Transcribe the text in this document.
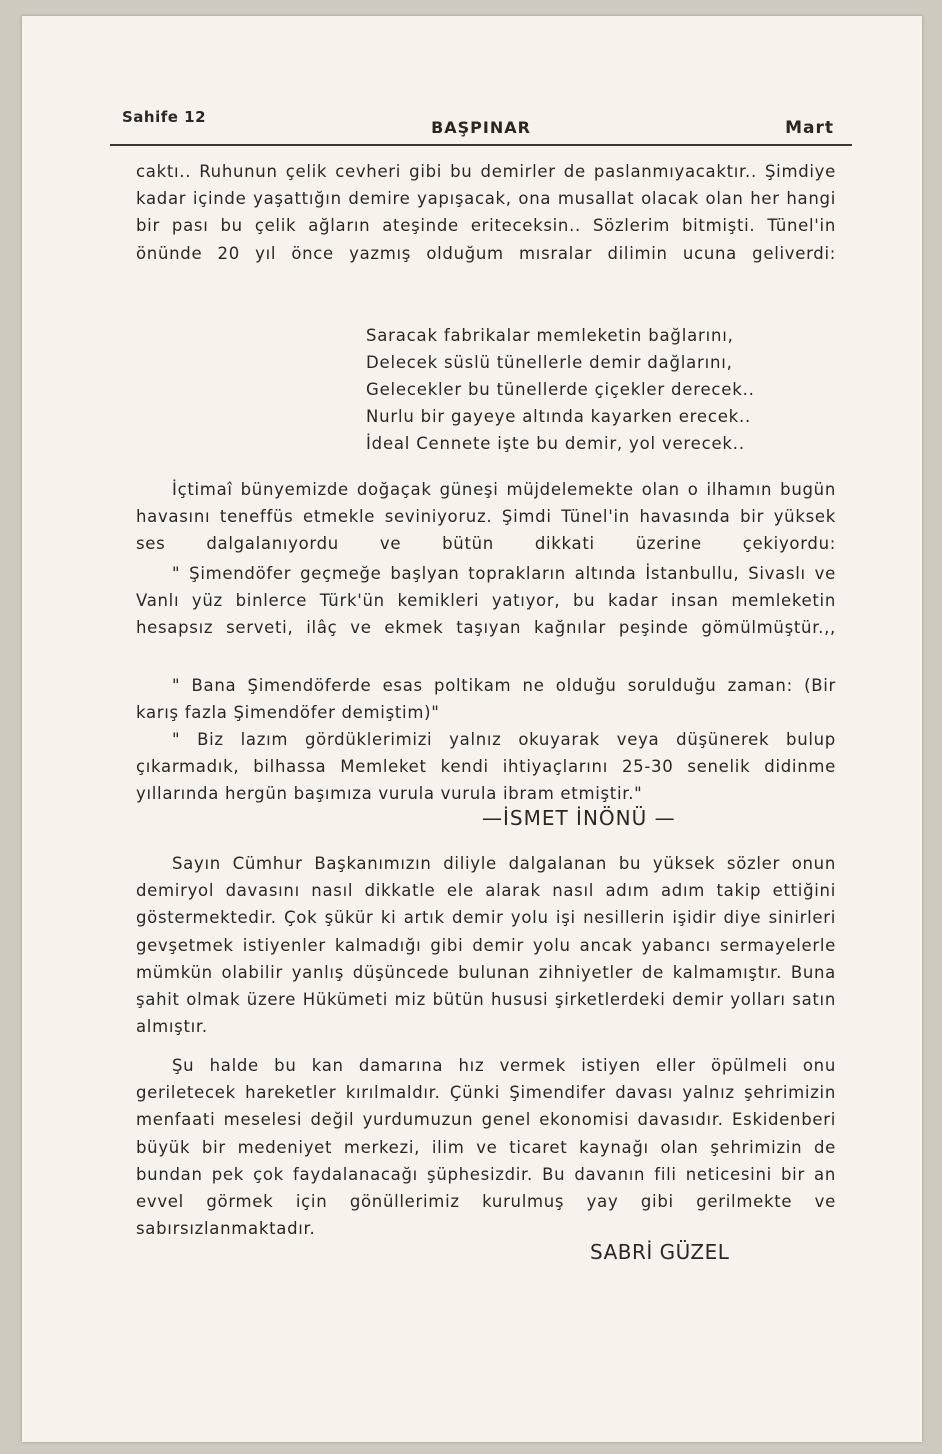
Sahife 12
BAŞPINAR	Mart

caktı.. Ruhunun çelik cevheri gibi bu demirler de paslanmıyacaktır.. Şimdiye kadar içinde yaşattığın demire yapışacak, ona musallat olacak olan her hangi bir pası bu çelik ağların ateşinde eriteceksin.. Sözlerim bitmişti. Tünel'in önünde 20 yıl önce yazmış olduğum mısralar dilimin ucuna geliverdi:

Saracak fabrikalar memleketin bağlarını,
Delecek süslü tünellerle demir dağlarını,
Gelecekler bu tünellerde çiçekler derecek..
Nurlu bir gayeye altında kayarken erecek..
İdeal Cennete işte bu demir, yol verecek..

İçtimaî bünyemizde doğaçak güneşi müjdelemekte olan o ilhamın bugün havasını teneffüs etmekle seviniyoruz. Şimdi Tünel'in havasında bir yüksek ses dalgalanıyordu ve bütün dikkati üzerine çekiyordu:

" Şimendöfer geçmeğe başlyan toprakların altında İstanbullu, Sivaslı ve Vanlı yüz binlerce Türk'ün kemikleri yatıyor, bu kadar insan memleketin hesapsız serveti, ilâç ve ekmek taşıyan kağnılar peşinde gömülmüştür.,,

" Bana Şimendöferde esas poltikam ne olduğu sorulduğu zaman: (Bir karış fazla Şimendöfer demiştim)"

" Biz lazım gördüklerimizi yalnız okuyarak veya düşünerek bulup çıkarmadık, bilhassa Memleket kendi ihtiyaçlarını 25-30 senelik didinme yıllarında hergün başımıza vurula vurula ibram etmiştir."

—İSMET İNÖNÜ —

Sayın Cümhur Başkanımızın diliyle dalgalanan bu yüksek sözler onun demiryol davasını nasıl dikkatle ele alarak nasıl adım adım takip ettiğini göstermektedir. Çok şükür ki artık demir yolu işi nesillerin işidir diye sinirleri gevşetmek istiyenler kalmadığı gibi demir yolu ancak yabancı sermayelerle mümkün olabilir yanlış düşüncede bulunan zihniyetler de kalmamıştır. Buna şahit olmak üzere Hükümeti miz bütün hususi şirketlerdeki demir yolları satın almıştır.

Şu halde bu kan damarına hız vermek istiyen eller öpülmeli onu geriletecek hareketler kırılmaldır. Çünki Şimendifer davası yalnız şehrimizin menfaati meselesi değil yurdumuzun genel ekonomisi davasıdır. Eskidenberi büyük bir medeniyet merkezi, ilim ve ticaret kaynağı olan şehrimizin de bundan pek çok faydalanacağı şüphesizdir. Bu davanın fili neticesini bir an evvel görmek için gönüllerimiz kurulmuş yay gibi gerilmekte ve sabırsızlanmaktadır.

SABRİ GÜZEL
